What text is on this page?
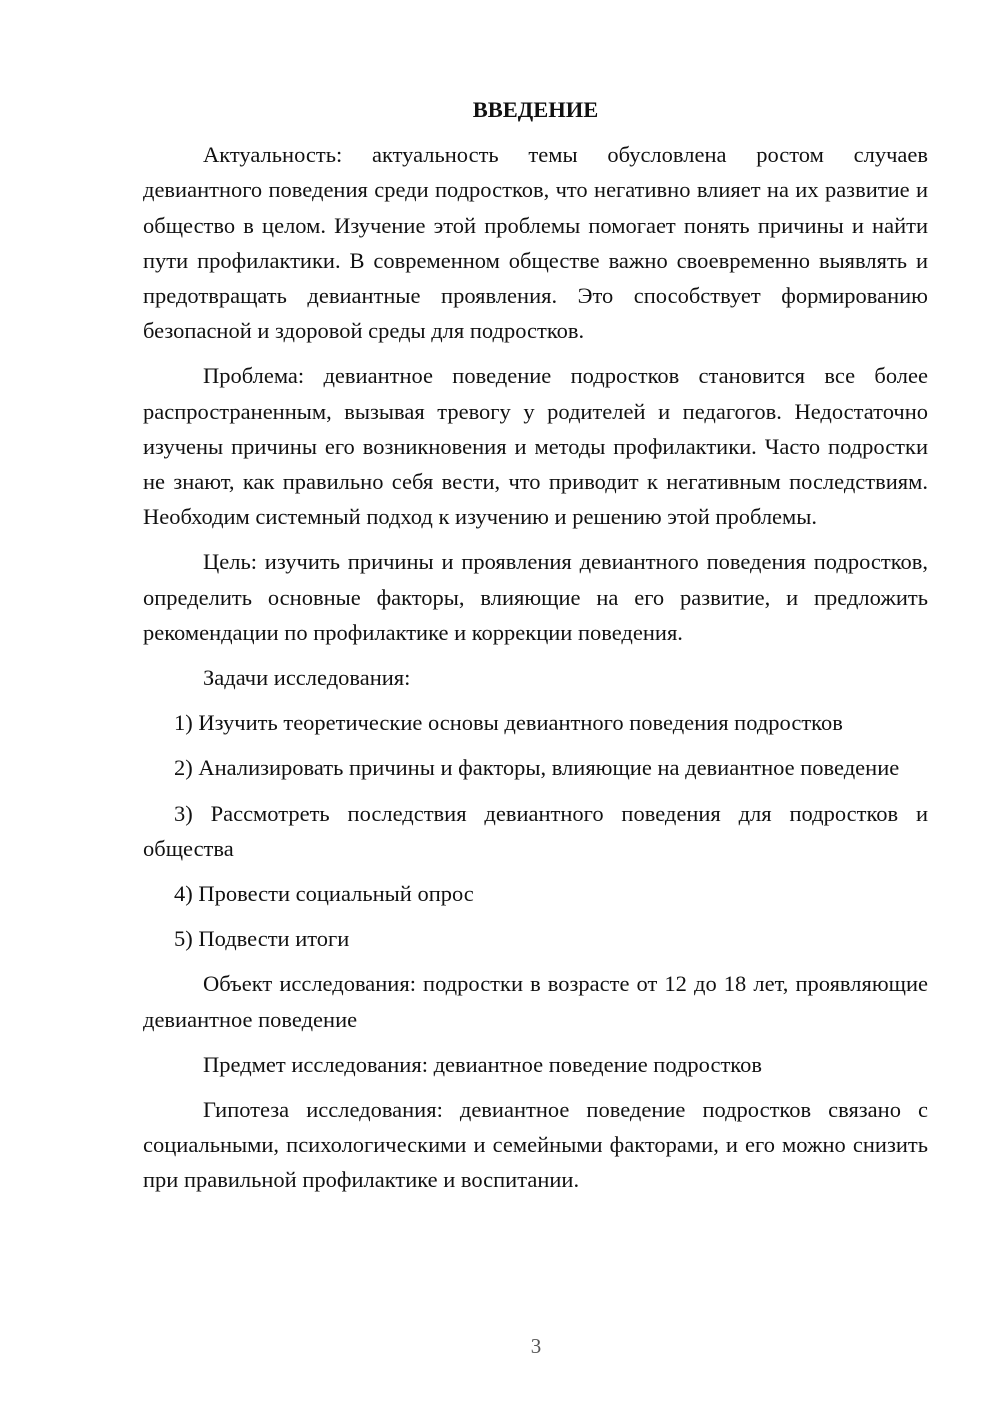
ВВЕДЕНИЕ

Актуальность: актуальность темы обусловлена ростом случаев девиантного поведения среди подростков, что негативно влияет на их развитие и общество в целом. Изучение этой проблемы помогает понять причины и найти пути профилактики. В современном обществе важно своевременно выявлять и предотвращать девиантные проявления. Это способствует формированию безопасной и здоровой среды для подростков.

Проблема: девиантное поведение подростков становится все более распространенным, вызывая тревогу у родителей и педагогов. Недостаточно изучены причины его возникновения и методы профилактики. Часто подростки не знают, как правильно себя вести, что приводит к негативным последствиям. Необходим системный подход к изучению и решению этой проблемы.

Цель: изучить причины и проявления девиантного поведения подростков, определить основные факторы, влияющие на его развитие, и предложить рекомендации по профилактике и коррекции поведения.

Задачи исследования:

1) Изучить теоретические основы девиантного поведения подростков

2) Анализировать причины и факторы, влияющие на девиантное поведение

3) Рассмотреть последствия девиантного поведения для подростков и общества

4) Провести социальный опрос

5) Подвести итоги

Объект исследования: подростки в возрасте от 12 до 18 лет, проявляющие девиантное поведение

Предмет исследования: девиантное поведение подростков

Гипотеза исследования: девиантное поведение подростков связано с социальными, психологическими и семейными факторами, и его можно снизить при правильной профилактике и воспитании.

3
